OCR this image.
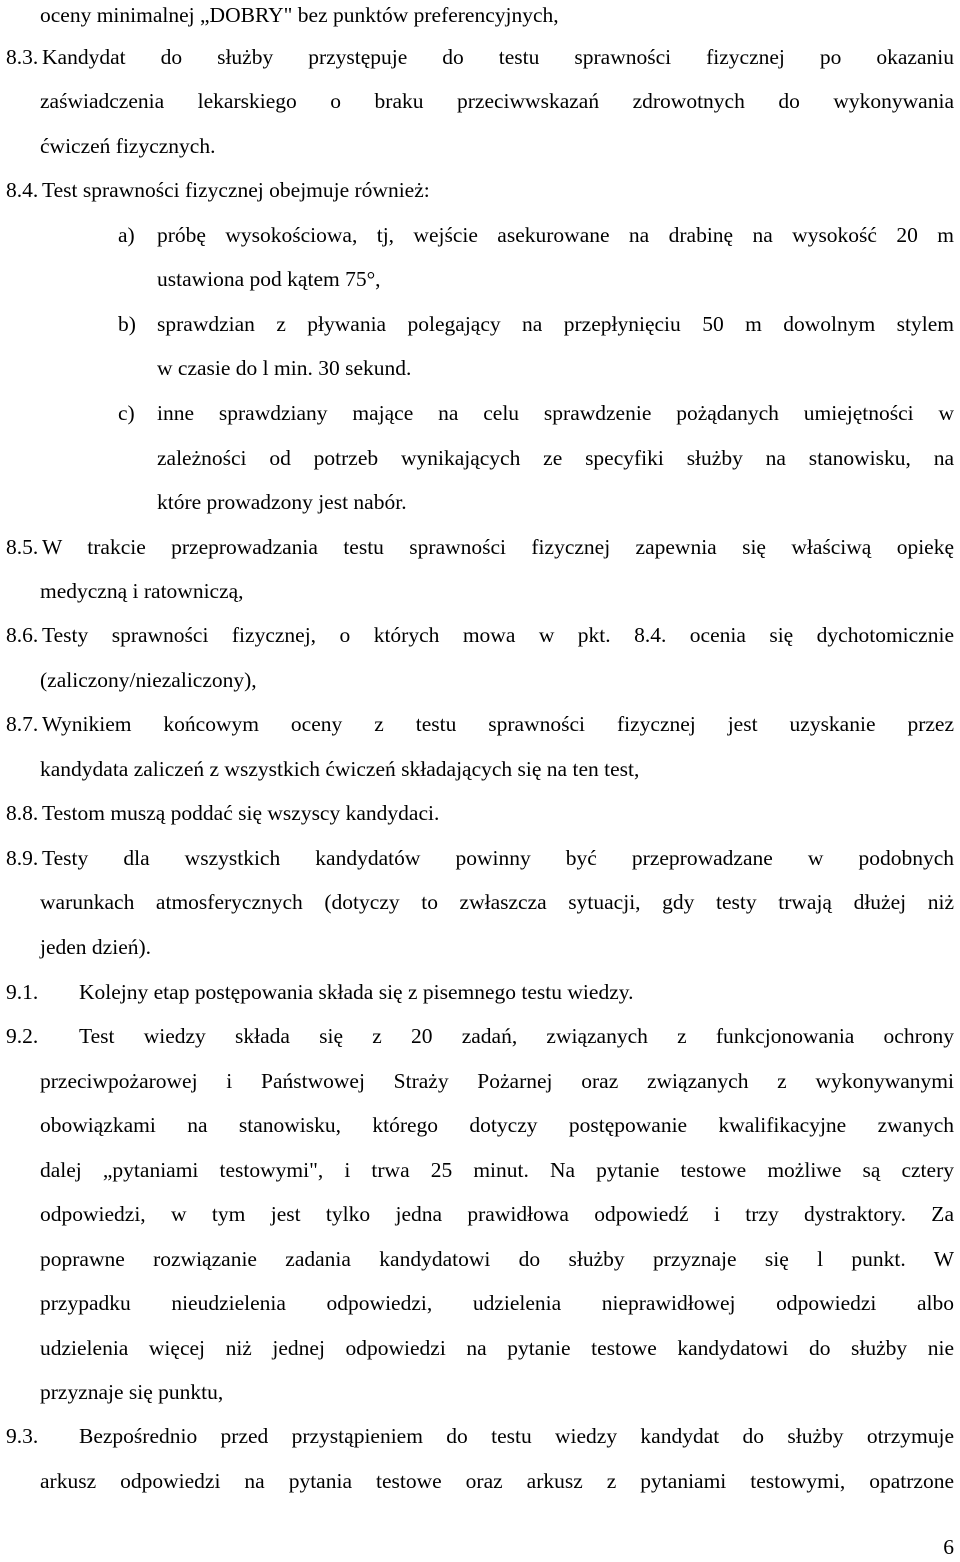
oceny minimalnej „DOBRY" bez punktów preferencyjnych,
8.3. Kandydat do służby przystępuje do testu sprawności fizycznej po okazaniu
zaświadczenia lekarskiego o braku przeciwwskazań zdrowotnych do wykonywania
ćwiczeń fizycznych.
8.4. Test sprawności fizycznej obejmuje również:
a) próbę wysokościowa, tj, wejście asekurowane na drabinę na wysokość 20 m
ustawiona pod kątem 75°,
b) sprawdzian z pływania polegający na przepłynięciu 50 m dowolnym stylem
w czasie do l min. 30 sekund.
c) inne sprawdziany mające na celu sprawdzenie pożądanych umiejętności w
zależności od potrzeb wynikających ze specyfiki służby na stanowisku, na
które prowadzony jest nabór.
8.5. W trakcie przeprowadzania testu sprawności fizycznej zapewnia się właściwą opiekę
medyczną i ratowniczą,
8.6. Testy sprawności fizycznej, o których mowa w pkt. 8.4. ocenia się dychotomicznie
(zaliczony/niezaliczony),
8.7. Wynikiem końcowym oceny z testu sprawności fizycznej jest uzyskanie przez
kandydata zaliczeń z wszystkich ćwiczeń składających się na ten test,
8.8. Testom muszą poddać się wszyscy kandydaci.
8.9. Testy dla wszystkich kandydatów powinny być przeprowadzane w podobnych
warunkach atmosferycznych (dotyczy to zwłaszcza sytuacji, gdy testy trwają dłużej niż
jeden dzień).
9.1. Kolejny etap postępowania składa się z pisemnego testu wiedzy.
9.2. Test wiedzy składa się z 20 zadań, związanych z funkcjonowania ochrony
przeciwpożarowej i Państwowej Straży Pożarnej oraz związanych z wykonywanymi
obowiązkami na stanowisku, którego dotyczy postępowanie kwalifikacyjne zwanych
dalej „pytaniami testowymi", i trwa 25 minut. Na pytanie testowe możliwe są cztery
odpowiedzi, w tym jest tylko jedna prawidłowa odpowiedź i trzy dystraktory. Za
poprawne rozwiązanie zadania kandydatowi do służby przyznaje się l punkt. W
przypadku nieudzielenia odpowiedzi, udzielenia nieprawidłowej odpowiedzi albo
udzielenia więcej niż jednej odpowiedzi na pytanie testowe kandydatowi do służby nie
przyznaje się punktu,
9.3. Bezpośrednio przed przystąpieniem do testu wiedzy kandydat do służby otrzymuje
arkusz odpowiedzi na pytania testowe oraz arkusz z pytaniami testowymi, opatrzone
6
